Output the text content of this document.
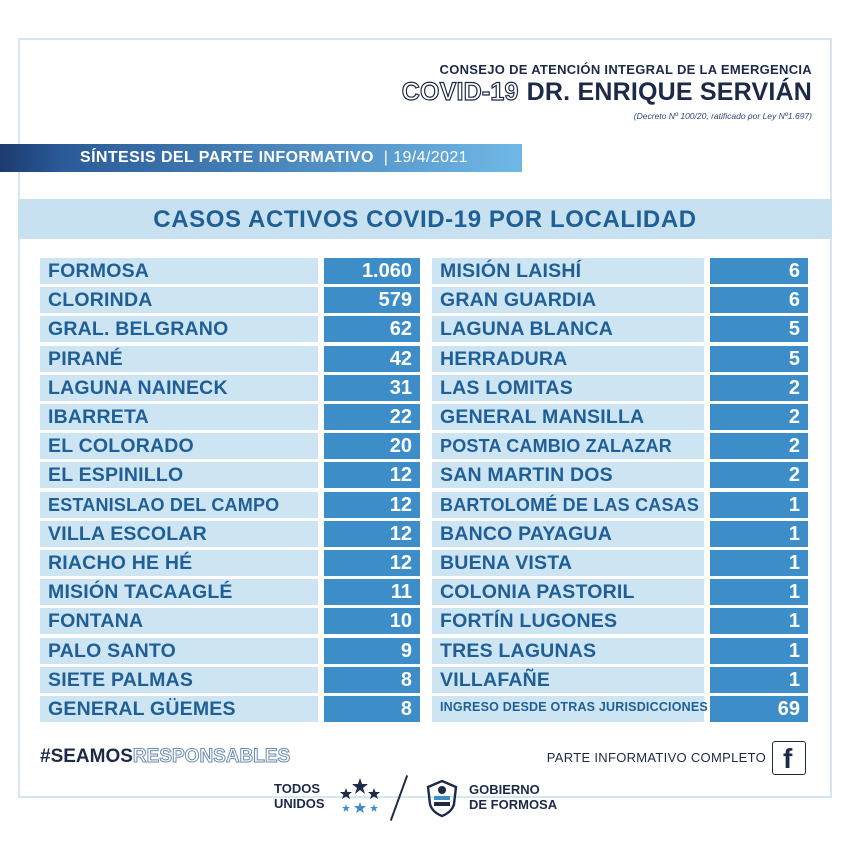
CONSEJO DE ATENCIÓN INTEGRAL DE LA EMERGENCIA
COVID-19 DR. ENRIQUE SERVIÁN
(Decreto Nº 100/20, ratificado por Ley Nº1.697)
SÍNTESIS DEL PARTE INFORMATIVO | 19/4/2021
CASOS ACTIVOS COVID-19 POR LOCALIDAD
FORMOSA	1.060
CLORINDA	579
GRAL. BELGRANO	62
PIRANÉ	42
LAGUNA NAINECK	31
IBARRETA	22
EL COLORADO	20
EL ESPINILLO	12
ESTANISLAO DEL CAMPO	12
VILLA ESCOLAR	12
RIACHO HE HÉ	12
MISIÓN TACAAGLÉ	11
FONTANA	10
PALO SANTO	9
SIETE PALMAS	8
GENERAL GÜEMES	8
MISIÓN LAISHÍ	6
GRAN GUARDIA	6
LAGUNA BLANCA	5
HERRADURA	5
LAS LOMITAS	2
GENERAL MANSILLA	2
POSTA CAMBIO ZALAZAR	2
SAN MARTIN DOS	2
BARTOLOMÉ DE LAS CASAS	1
BANCO PAYAGUA	1
BUENA VISTA	1
COLONIA PASTORIL	1
FORTÍN LUGONES	1
TRES LAGUNAS	1
VILLAFAÑE	1
INGRESO DESDE OTRAS JURISDICCIONES	69
#SEAMOSRESPONSABLES	PARTE INFORMATIVO COMPLETO f
TODOS
UNIDOS
GOBIERNO
DE FORMOSA
